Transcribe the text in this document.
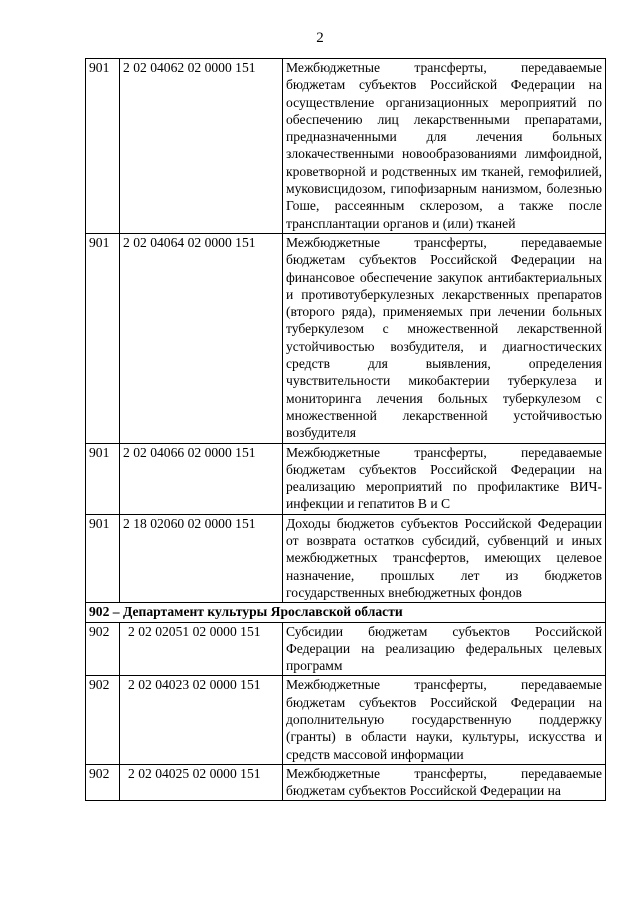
2
901	2 02 04062 02 0000 151	Межбюджетные трансферты, передаваемые бюджетам субъектов Российской Федерации на осуществление организационных мероприятий по обеспечению лиц лекарственными препаратами, предназначенными для лечения больных злокачественными новообразованиями лимфоидной, кроветворной и родственных им тканей, гемофилией, муковисцидозом, гипофизарным нанизмом, болезнью Гоше, рассеянным склерозом, а также после трансплантации органов и (или) тканей
901	2 02 04064 02 0000 151	Межбюджетные трансферты, передаваемые бюджетам субъектов Российской Федерации на финансовое обеспечение закупок антибактериальных и противотуберкулезных лекарственных препаратов (второго ряда), применяемых при лечении больных туберкулезом с множественной лекарственной устойчивостью возбудителя, и диагностических средств для выявления, определения чувствительности микобактерии туберкулеза и мониторинга лечения больных туберкулезом с множественной лекарственной устойчивостью возбудителя
901	2 02 04066 02 0000 151	Межбюджетные трансферты, передаваемые бюджетам субъектов Российской Федерации на реализацию мероприятий по профилактике ВИЧ-инфекции и гепатитов В и С
901	2 18 02060 02 0000 151	Доходы бюджетов субъектов Российской Федерации от возврата остатков субсидий, субвенций и иных межбюджетных трансфертов, имеющих целевое назначение, прошлых лет из бюджетов государственных внебюджетных фондов
902 – Департамент культуры Ярославской области		
902	2 02 02051 02 0000 151	Субсидии бюджетам субъектов Российской Федерации на реализацию федеральных целевых программ
902	2 02 04023 02 0000 151	Межбюджетные трансферты, передаваемые бюджетам субъектов Российской Федерации на дополнительную государственную поддержку (гранты) в области науки, культуры, искусства и средств массовой информации
902	2 02 04025 02 0000 151	Межбюджетные трансферты, передаваемые бюджетам субъектов Российской Федерации на
